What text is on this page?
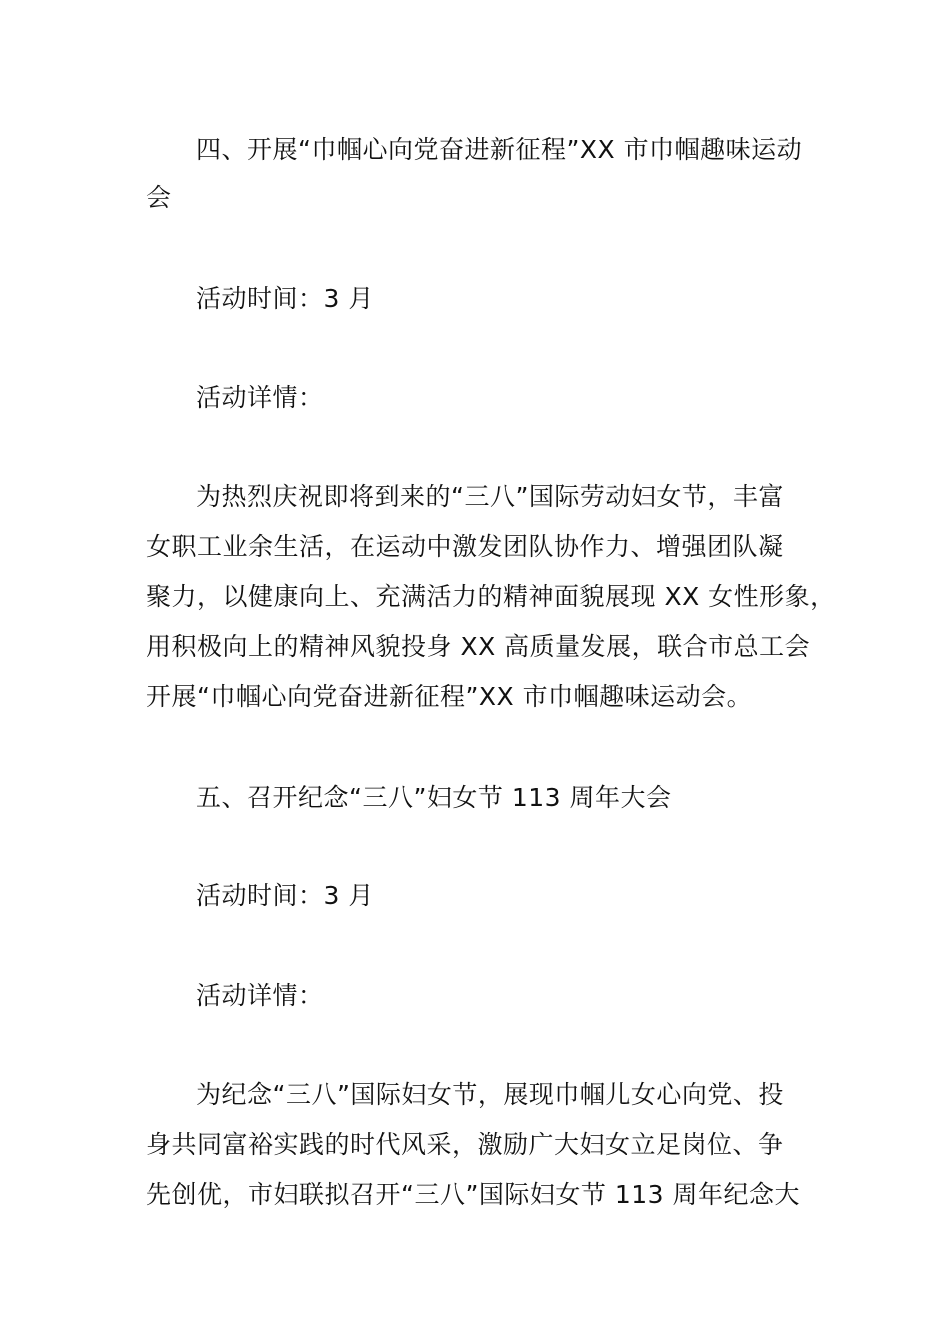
四、开展“巾帼心向党奋进新征程”XX 市巾帼趣味运动
会
活动时间：3 月
活动详情：
为热烈庆祝即将到来的“三八”国际劳动妇女节，丰富
女职工业余生活，在运动中激发团队协作力、增强团队凝
聚力，以健康向上、充满活力的精神面貌展现 XX 女性形象，
用积极向上的精神风貌投身 XX 高质量发展，联合市总工会
开展“巾帼心向党奋进新征程”XX 市巾帼趣味运动会。
五、召开纪念“三八”妇女节 113 周年大会
活动时间：3 月
活动详情：
为纪念“三八”国际妇女节，展现巾帼儿女心向党、投
身共同富裕实践的时代风采，激励广大妇女立足岗位、争
先创优，市妇联拟召开“三八”国际妇女节 113 周年纪念大
